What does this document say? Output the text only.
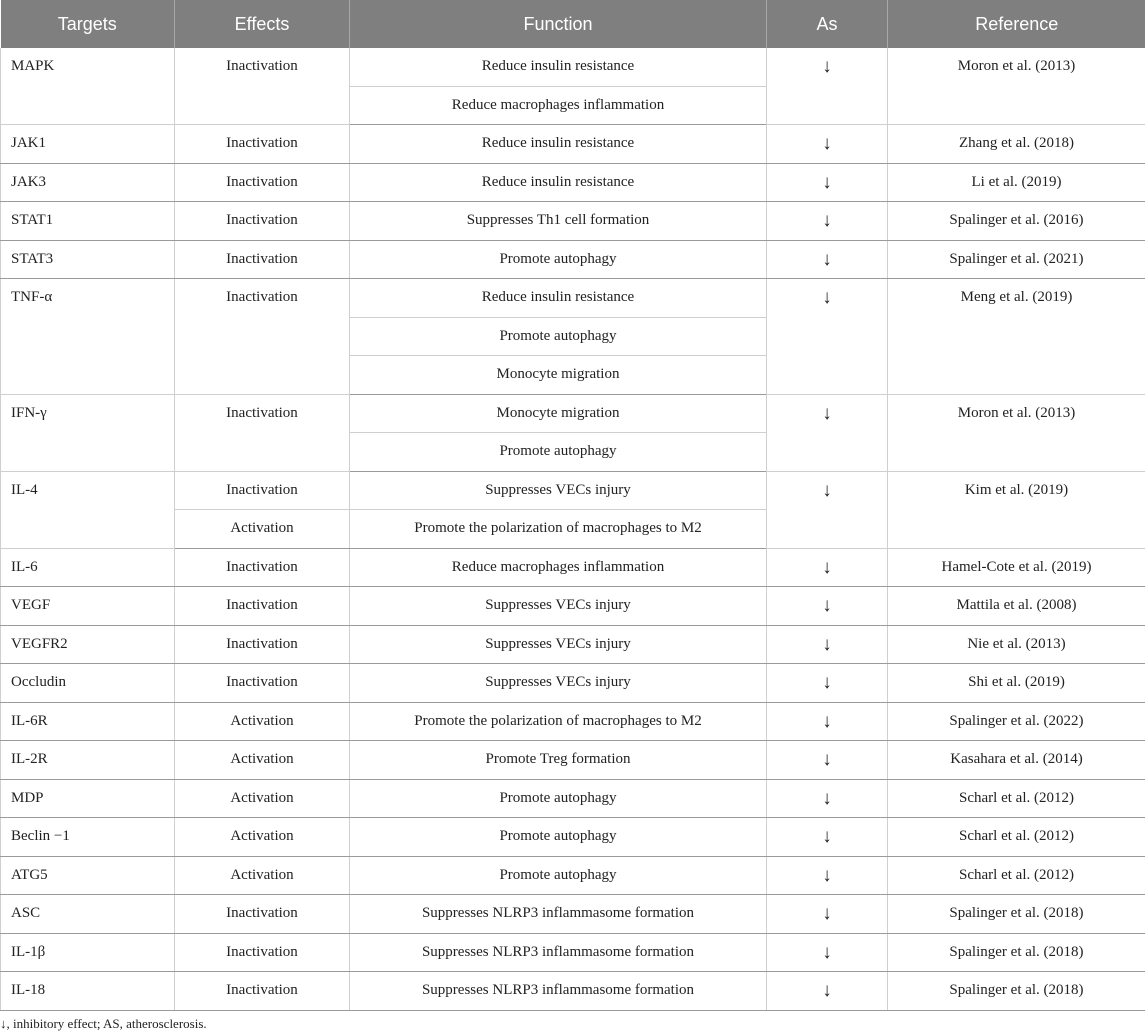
Targets	Effects	Function	As	Reference
MAPK	Inactivation	Reduce insulin resistance	↓	Moron et al. (2013)
		Reduce macrophages inflammation		
JAK1	Inactivation	Reduce insulin resistance	↓	Zhang et al. (2018)
JAK3	Inactivation	Reduce insulin resistance	↓	Li et al. (2019)
STAT1	Inactivation	Suppresses Th1 cell formation	↓	Spalinger et al. (2016)
STAT3	Inactivation	Promote autophagy	↓	Spalinger et al. (2021)
TNF-α	Inactivation	Reduce insulin resistance	↓	Meng et al. (2019)
		Promote autophagy		
		Monocyte migration		
IFN-γ	Inactivation	Monocyte migration	↓	Moron et al. (2013)
		Promote autophagy		
IL-4	Inactivation	Suppresses VECs injury	↓	Kim et al. (2019)
	Activation	Promote the polarization of macrophages to M2		
IL-6	Inactivation	Reduce macrophages inflammation	↓	Hamel-Cote et al. (2019)
VEGF	Inactivation	Suppresses VECs injury	↓	Mattila et al. (2008)
VEGFR2	Inactivation	Suppresses VECs injury	↓	Nie et al. (2013)
Occludin	Inactivation	Suppresses VECs injury	↓	Shi et al. (2019)
IL-6R	Activation	Promote the polarization of macrophages to M2	↓	Spalinger et al. (2022)
IL-2R	Activation	Promote Treg formation	↓	Kasahara et al. (2014)
MDP	Activation	Promote autophagy	↓	Scharl et al. (2012)
Beclin −1	Activation	Promote autophagy	↓	Scharl et al. (2012)
ATG5	Activation	Promote autophagy	↓	Scharl et al. (2012)
ASC	Inactivation	Suppresses NLRP3 inflammasome formation	↓	Spalinger et al. (2018)
IL-1β	Inactivation	Suppresses NLRP3 inflammasome formation	↓	Spalinger et al. (2018)
IL-18	Inactivation	Suppresses NLRP3 inflammasome formation	↓	Spalinger et al. (2018)
↓, inhibitory effect; AS, atherosclerosis.
